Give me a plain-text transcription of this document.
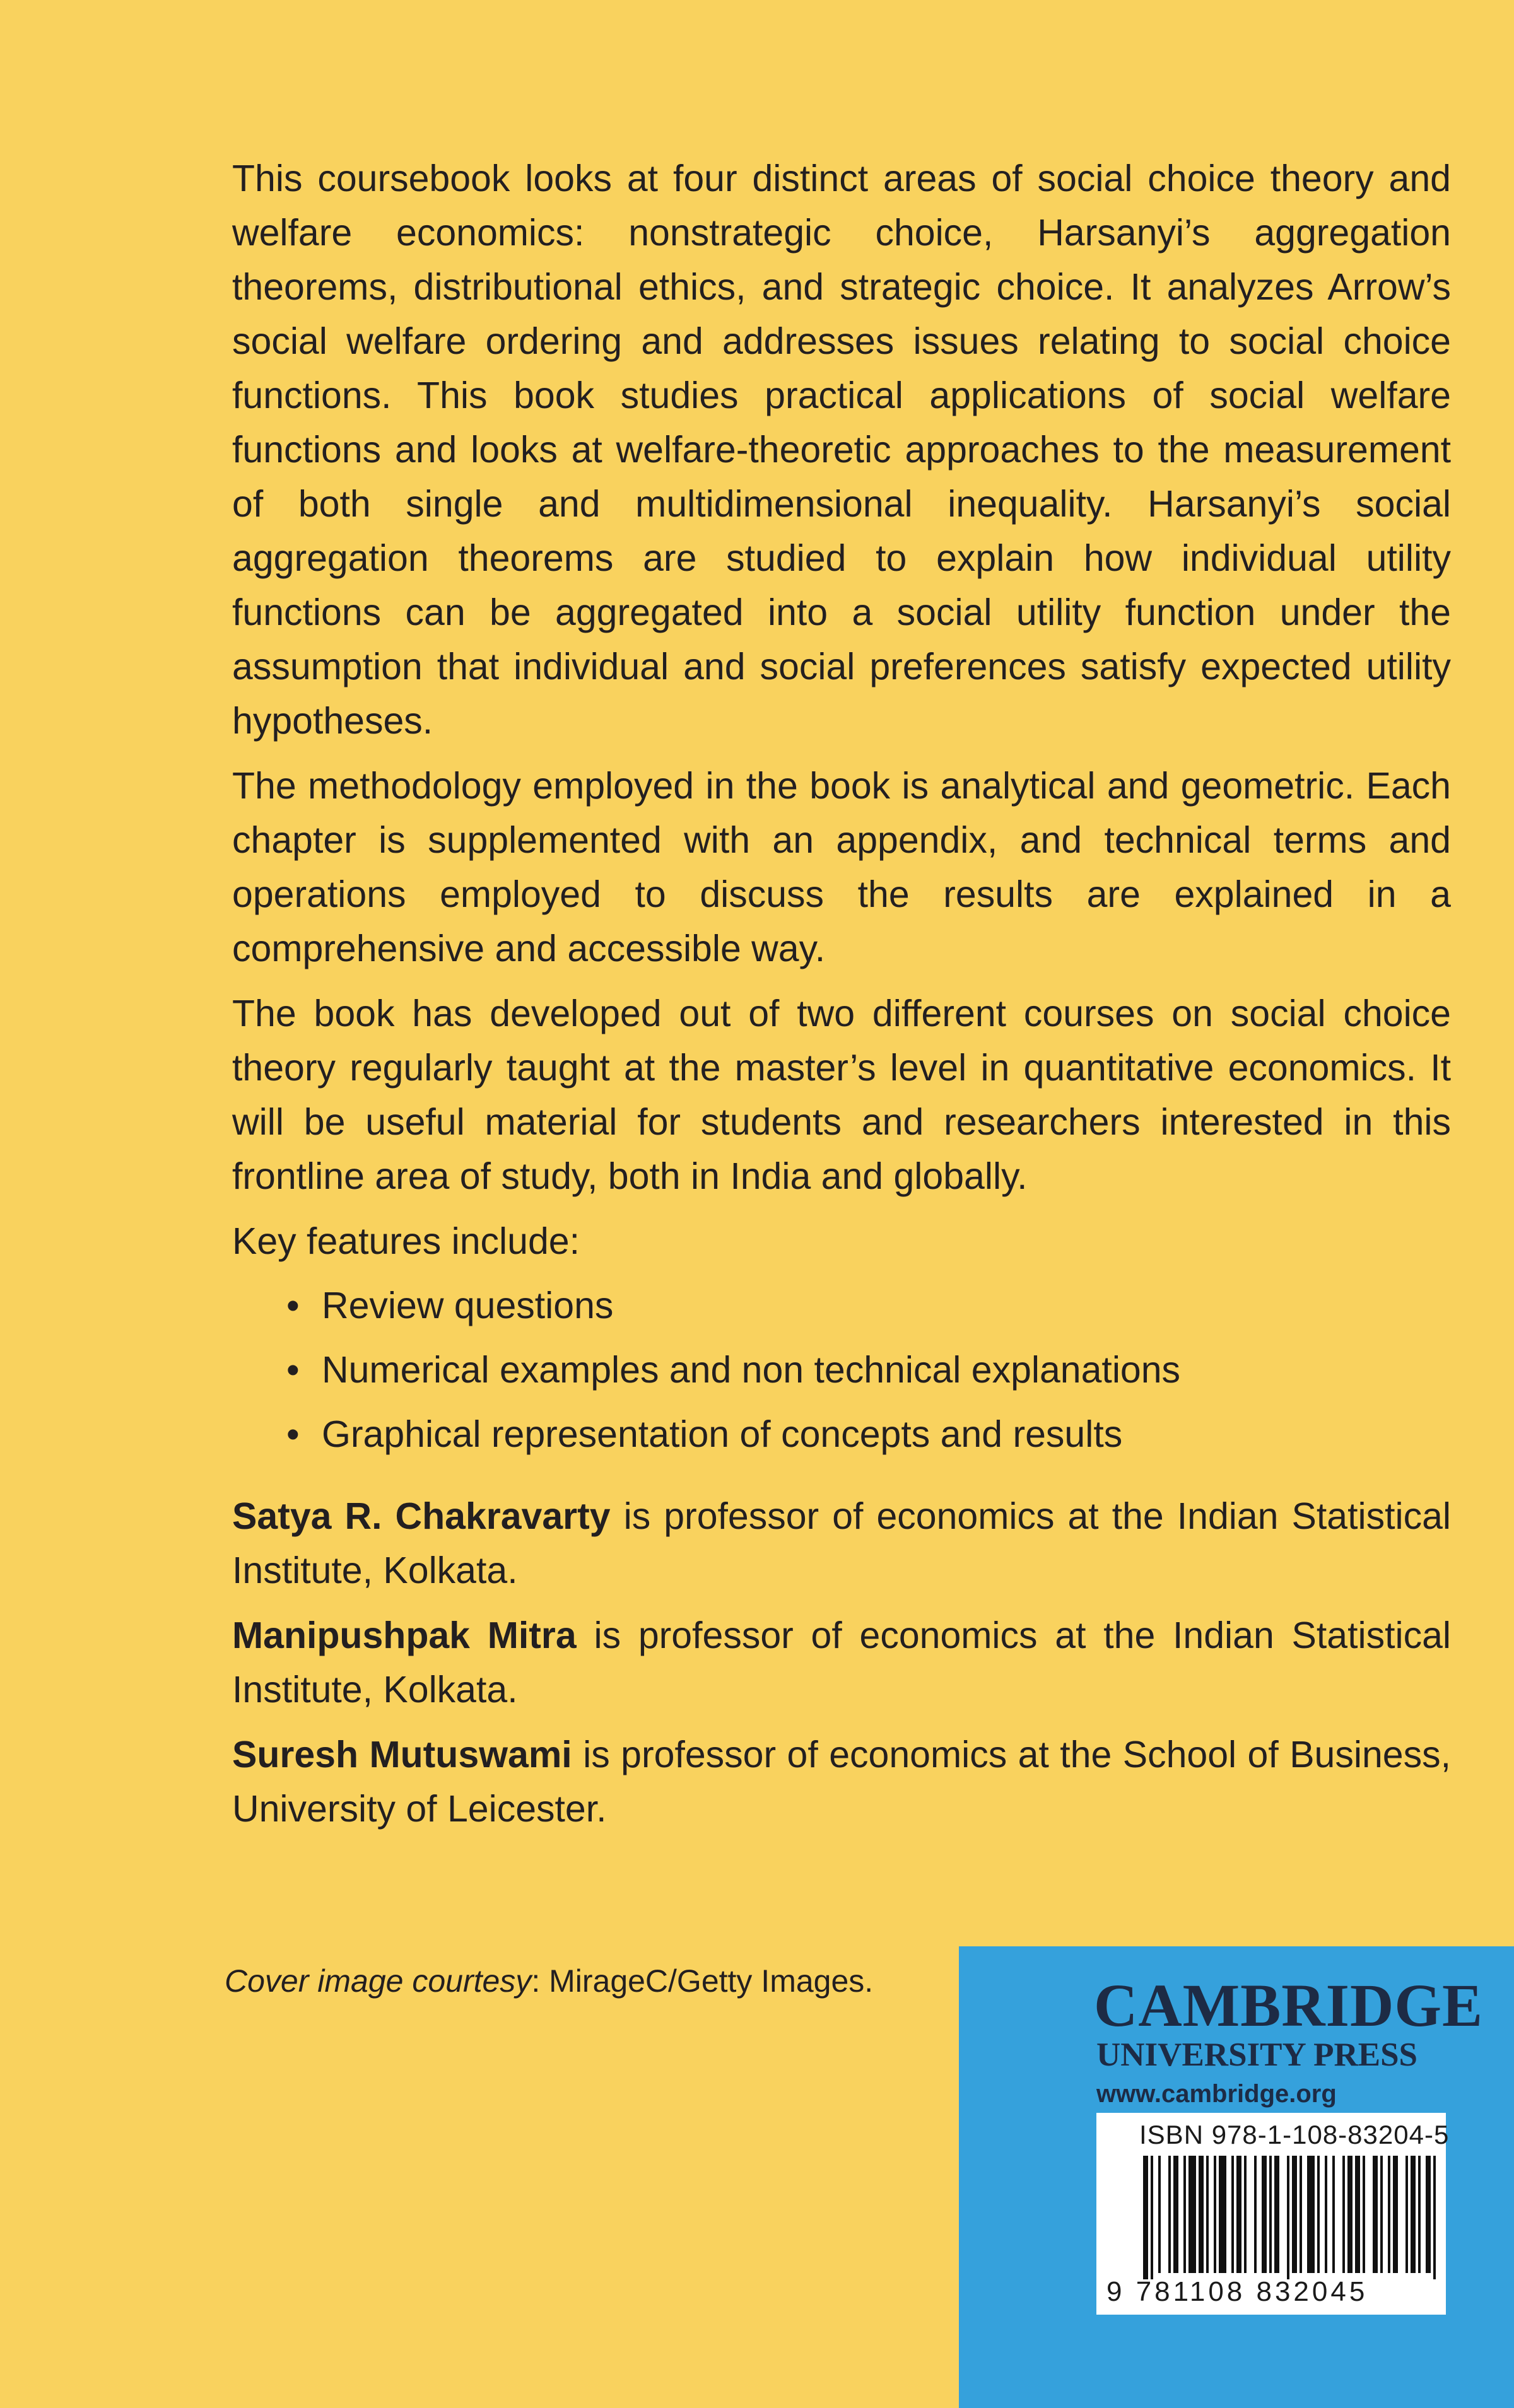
This coursebook looks at four distinct areas of social choice theory and welfare economics: nonstrategic choice, Harsanyi’s aggregation theorems, distributional ethics, and strategic choice. It analyzes Arrow’s social welfare ordering and addresses issues relating to social choice functions. This book studies practical applications of social welfare functions and looks at welfare-theoretic approaches to the measurement of both single and multidimensional inequality. Harsanyi’s social aggregation theorems are studied to explain how individual utility functions can be aggregated into a social utility function under the assumption that individual and social preferences satisfy expected utility hypotheses.

The methodology employed in the book is analytical and geometric. Each chapter is supplemented with an appendix, and technical terms and operations employed to discuss the results are explained in a comprehensive and accessible way.

The book has developed out of two different courses on social choice theory regularly taught at the master’s level in quantitative economics. It will be useful material for students and researchers interested in this frontline area of study, both in India and globally.

Key features include:

• Review questions
• Numerical examples and non technical explanations
• Graphical representation of concepts and results

Satya R. Chakravarty is professor of economics at the Indian Statistical Institute, Kolkata.

Manipushpak Mitra is professor of economics at the Indian Statistical Institute, Kolkata.

Suresh Mutuswami is professor of economics at the School of Business, University of Leicester.

Cover image courtesy: MirageC/Getty Images.	CAMBRIDGE
UNIVERSITY PRESS
www.cambridge.org
ISBN 978-1-108-83204-5
9 781108 832045
